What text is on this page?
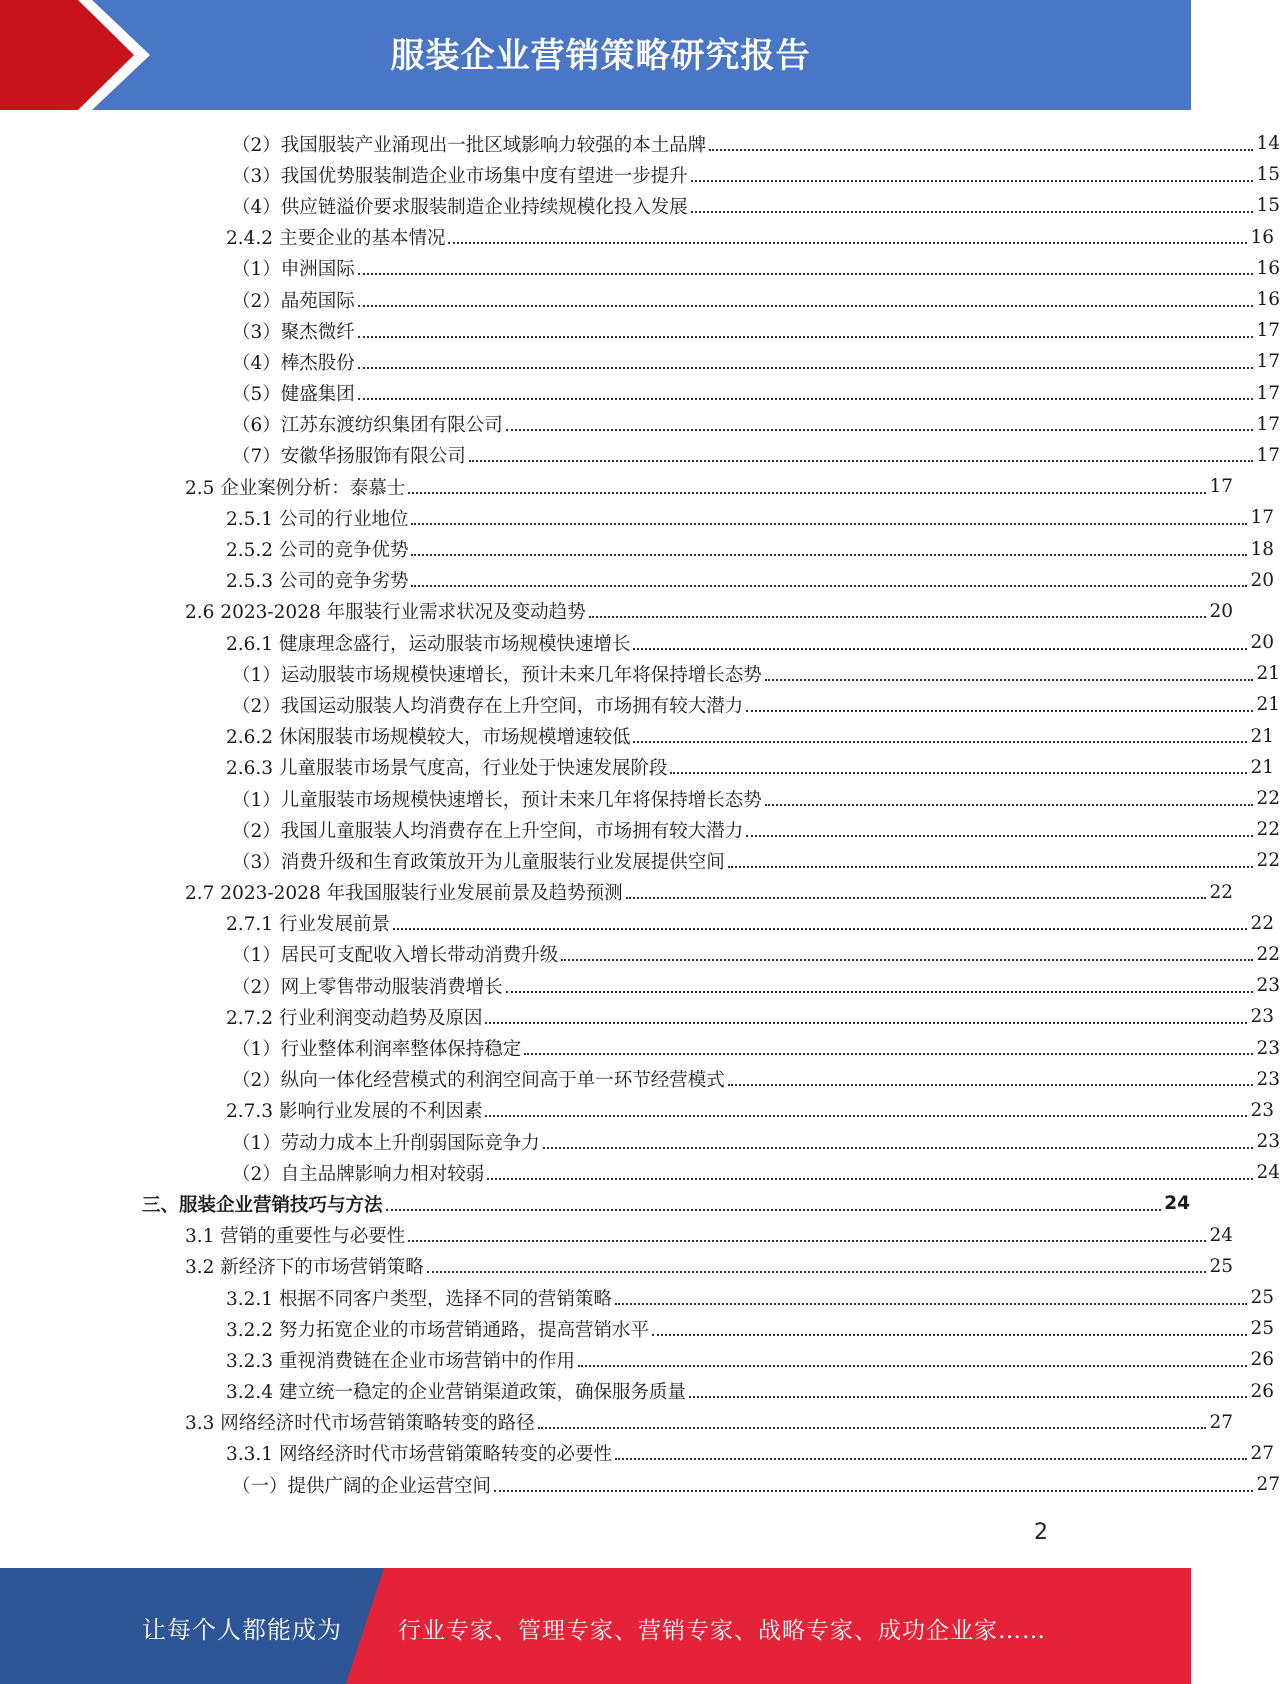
服装企业营销策略研究报告
（2）我国服装产业涌现出一批区域影响力较强的本土品牌	14
（3）我国优势服装制造企业市场集中度有望进一步提升	15
（4）供应链溢价要求服装制造企业持续规模化投入发展	15
2.4.2 主要企业的基本情况	16
（1）申洲国际	16
（2）晶苑国际	16
（3）聚杰微纤	17
（4）棒杰股份	17
（5）健盛集团	17
（6）江苏东渡纺织集团有限公司	17
（7）安徽华扬服饰有限公司	17
2.5 企业案例分析：泰慕士	17
2.5.1 公司的行业地位	17
2.5.2 公司的竞争优势	18
2.5.3 公司的竞争劣势	20
2.6 2023-2028 年服装行业需求状况及变动趋势	20
2.6.1 健康理念盛行，运动服装市场规模快速增长	20
（1）运动服装市场规模快速增长，预计未来几年将保持增长态势	21
（2）我国运动服装人均消费存在上升空间，市场拥有较大潜力	21
2.6.2 休闲服装市场规模较大，市场规模增速较低	21
2.6.3 儿童服装市场景气度高，行业处于快速发展阶段	21
（1）儿童服装市场规模快速增长，预计未来几年将保持增长态势	22
（2）我国儿童服装人均消费存在上升空间，市场拥有较大潜力	22
（3）消费升级和生育政策放开为儿童服装行业发展提供空间	22
2.7 2023-2028 年我国服装行业发展前景及趋势预测	22
2.7.1 行业发展前景	22
（1）居民可支配收入增长带动消费升级	22
（2）网上零售带动服装消费增长	23
2.7.2 行业利润变动趋势及原因	23
（1）行业整体利润率整体保持稳定	23
（2）纵向一体化经营模式的利润空间高于单一环节经营模式	23
2.7.3 影响行业发展的不利因素	23
（1）劳动力成本上升削弱国际竞争力	23
（2）自主品牌影响力相对较弱	24
三、服装企业营销技巧与方法	24
3.1 营销的重要性与必要性	24
3.2 新经济下的市场营销策略	25
3.2.1 根据不同客户类型，选择不同的营销策略	25
3.2.2 努力拓宽企业的市场营销通路，提高营销水平	25
3.2.3 重视消费链在企业市场营销中的作用	26
3.2.4 建立统一稳定的企业营销渠道政策，确保服务质量	26
3.3 网络经济时代市场营销策略转变的路径	27
3.3.1 网络经济时代市场营销策略转变的必要性	27
（一）提供广阔的企业运营空间	27
2
让每个人都能成为 行业专家、管理专家、营销专家、战略专家、成功企业家……
